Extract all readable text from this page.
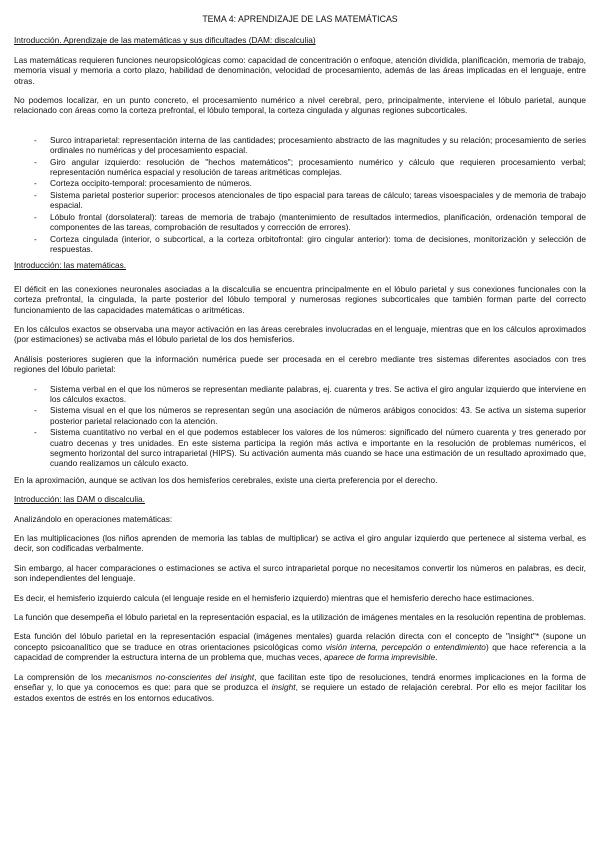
TEMA 4: APRENDIZAJE DE LAS MATEMÁTICAS
Introducción. Aprendizaje de las matemáticas y sus dificultades (DAM: discalculia)

Las matemáticas requieren funciones neuropsicológicas como: capacidad de concentración o enfoque, atención dividida, planificación, memoria de trabajo, memoria visual y memoria a corto plazo, habilidad de denominación, velocidad de procesamiento, además de las áreas implicadas en el lenguaje, entre otras.

No podemos localizar, en un punto concreto, el procesamiento numérico a nivel cerebral, pero, principalmente, interviene el lóbulo parietal, aunque relacionado con áreas como la corteza prefrontal, el lóbulo temporal, la corteza cingulada y algunas regiones subcorticales.

- Surco intraparietal: representación interna de las cantidades; procesamiento abstracto de las magnitudes y su relación; procesamiento de series ordinales no numéricas y del procesamiento espacial.
- Giro angular izquierdo: resolución de "hechos matemáticos"; procesamiento numérico y cálculo que requieren procesamiento verbal; representación numérica espacial y resolución de tareas aritméticas complejas.
- Corteza occipito-temporal: procesamiento de números.
- Sistema parietal posterior superior: procesos atencionales de tipo espacial para tareas de cálculo; tareas visoespaciales y de memoria de trabajo espacial.
- Lóbulo frontal (dorsolateral): tareas de memoria de trabajo (mantenimiento de resultados intermedios, planificación, ordenación temporal de componentes de las tareas, comprobación de resultados y corrección de errores).
- Corteza cingulada (interior, o subcortical, a la corteza orbitofrontal: giro cingular anterior): toma de decisiones, monitorización y selección de respuestas.
Introducción: las matemáticas.

El déficit en las conexiones neuronales asociadas a la discalculia se encuentra principalmente en el lóbulo parietal y sus conexiones funcionales con la corteza prefrontal, la cingulada, la parte posterior del lóbulo temporal y numerosas regiones subcorticales que también forman parte del correcto funcionamiento de las capacidades matemáticas o aritméticas.

En los cálculos exactos se observaba una mayor activación en las áreas cerebrales involucradas en el lenguaje, mientras que en los cálculos aproximados (por estimaciones) se activaba más el lóbulo parietal de los dos hemisferios.

Análisis posteriores sugieren que la información numérica puede ser procesada en el cerebro mediante tres sistemas diferentes asociados con tres regiones del lóbulo parietal:

- Sistema verbal en el que los números se representan mediante palabras, ej. cuarenta y tres. Se activa el giro angular izquierdo que interviene en los cálculos exactos.
- Sistema visual en el que los números se representan según una asociación de números arábigos conocidos: 43. Se activa un sistema superior posterior parietal relacionado con la atención.
- Sistema cuantitativo no verbal en el que podemos establecer los valores de los números: significado del número cuarenta y tres generado por cuatro decenas y tres unidades. En este sistema participa la región más activa e importante en la resolución de problemas numéricos, el segmento horizontal del surco intraparietal (HIPS). Su activación aumenta más cuando se hace una estimación de un resultado aproximado que, cuando realizamos un cálculo exacto.

En la aproximación, aunque se activan los dos hemisferios cerebrales, existe una cierta preferencia por el derecho.

Introducción: las DAM o discalculia.

Analizándolo en operaciones matemáticas:

En las multiplicaciones (los niños aprenden de memoria las tablas de multiplicar) se activa el giro angular izquierdo que pertenece al sistema verbal, es decir, son codificadas verbalmente.

Sin embargo, al hacer comparaciones o estimaciones se activa el surco intraparietal porque no necesitamos convertir los números en palabras, es decir, son independientes del lenguaje.

Es decir, el hemisferio izquierdo calcula (el lenguaje reside en el hemisferio izquierdo) mientras que el hemisferio derecho hace estimaciones.

La función que desempeña el lóbulo parietal en la representación espacial, es la utilización de imágenes mentales en la resolución repentina de problemas.

Esta función del lóbulo parietal en la representación espacial (imágenes mentales) guarda relación directa con el concepto de "insight"* (supone un concepto psicoanalítico que se traduce en otras orientaciones psicológicas como visión interna, percepción o entendimiento) que hace referencia a la capacidad de comprender la estructura interna de un problema que, muchas veces, aparece de forma imprevisible.

La comprensión de los mecanismos no-conscientes del insight, que facilitan este tipo de resoluciones, tendrá enormes implicaciones en la forma de enseñar y, lo que ya conocemos es que: para que se produzca el insight, se requiere un estado de relajación cerebral. Por ello es mejor facilitar los estados exentos de estrés en los entornos educativos.
